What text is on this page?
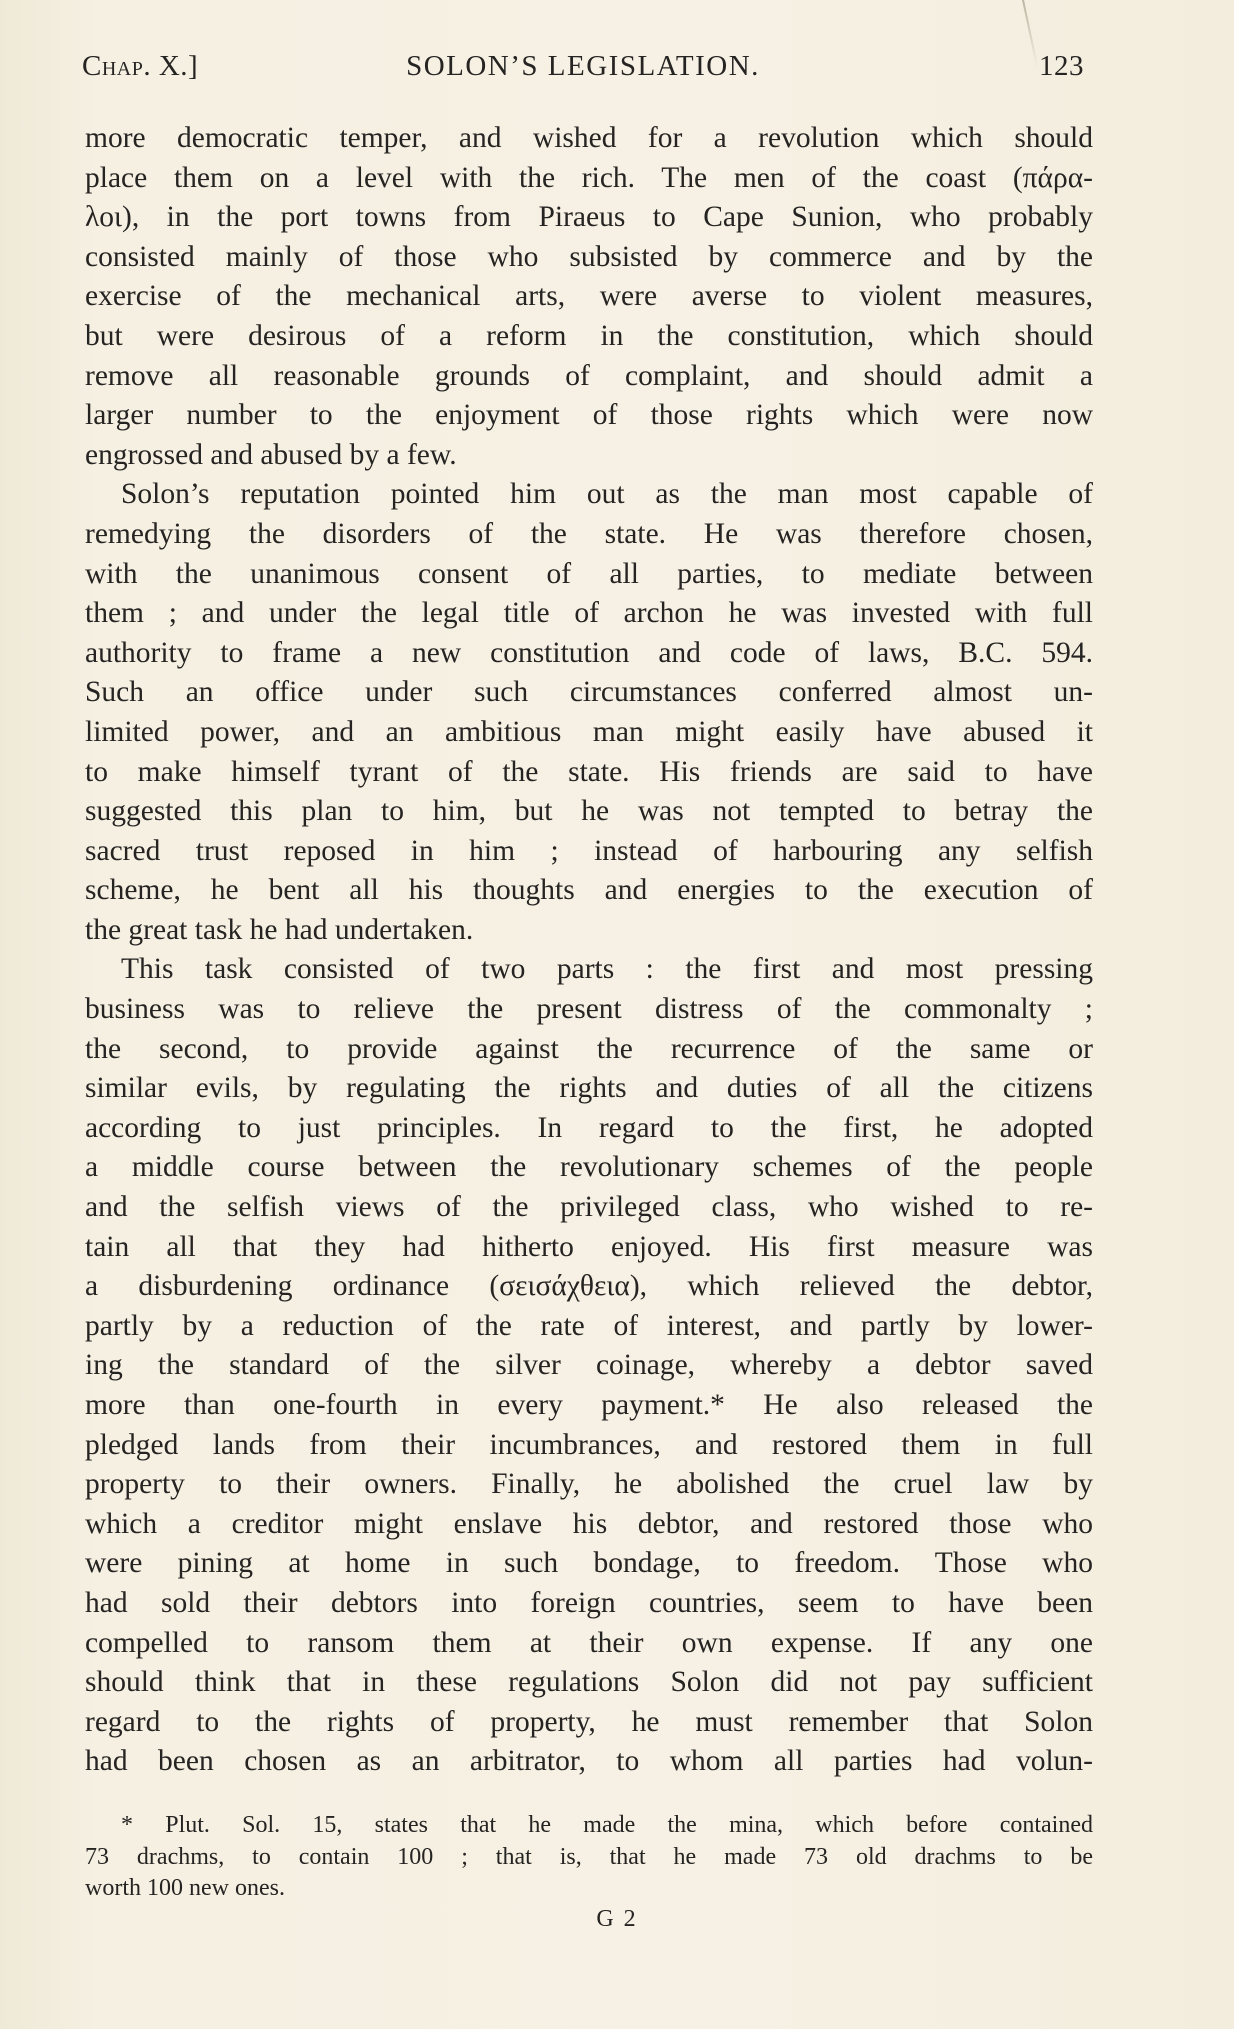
Chap. X.]	SOLON’S LEGISLATION.	123
more democratic temper, and wished for a revolution which should
place them on a level with the rich. The men of the coast (πάρα-
λοι), in the port towns from Piraeus to Cape Sunion, who probably
consisted mainly of those who subsisted by commerce and by the
exercise of the mechanical arts, were averse to violent measures,
but were desirous of a reform in the constitution, which should
remove all reasonable grounds of complaint, and should admit a
larger number to the enjoyment of those rights which were now
engrossed and abused by a few.
Solon’s reputation pointed him out as the man most capable of
remedying the disorders of the state. He was therefore chosen,
with the unanimous consent of all parties, to mediate between
them ; and under the legal title of archon he was invested with full
authority to frame a new constitution and code of laws, B.C. 594.
Such an office under such circumstances conferred almost un-
limited power, and an ambitious man might easily have abused it
to make himself tyrant of the state. His friends are said to have
suggested this plan to him, but he was not tempted to betray the
sacred trust reposed in him ; instead of harbouring any selfish
scheme, he bent all his thoughts and energies to the execution of
the great task he had undertaken.
This task consisted of two parts : the first and most pressing
business was to relieve the present distress of the commonalty ;
the second, to provide against the recurrence of the same or
similar evils, by regulating the rights and duties of all the citizens
according to just principles. In regard to the first, he adopted
a middle course between the revolutionary schemes of the people
and the selfish views of the privileged class, who wished to re-
tain all that they had hitherto enjoyed. His first measure was
a disburdening ordinance (σεισάχθεια), which relieved the debtor,
partly by a reduction of the rate of interest, and partly by lower-
ing the standard of the silver coinage, whereby a debtor saved
more than one-fourth in every payment.* He also released the
pledged lands from their incumbrances, and restored them in full
property to their owners. Finally, he abolished the cruel law by
which a creditor might enslave his debtor, and restored those who
were pining at home in such bondage, to freedom. Those who
had sold their debtors into foreign countries, seem to have been
compelled to ransom them at their own expense. If any one
should think that in these regulations Solon did not pay sufficient
regard to the rights of property, he must remember that Solon
had been chosen as an arbitrator, to whom all parties had volun-
* Plut. Sol. 15, states that he made the mina, which before contained
73 drachms, to contain 100 ; that is, that he made 73 old drachms to be
worth 100 new ones.
G 2
